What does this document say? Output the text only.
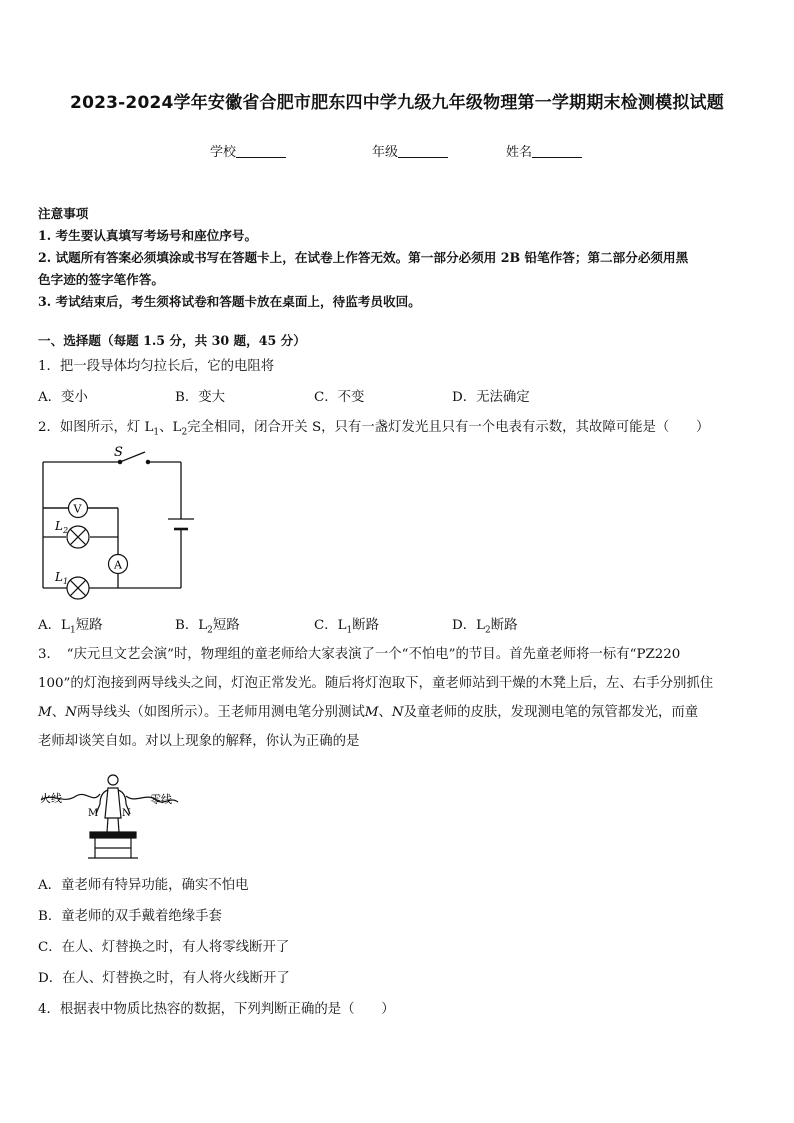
2023-2024学年安徽省合肥市肥东四中学九级九年级物理第一学期期末检测模拟试题
学校	年级	姓名
注意事项
1. 考生要认真填写考场号和座位序号。
2. 试题所有答案必须填涂或书写在答题卡上，在试卷上作答无效。第一部分必须用 2B 铅笔作答；第二部分必须用黑
色字迹的签字笔作答。
3. 考试结束后，考生须将试卷和答题卡放在桌面上，待监考员收回。
一、选择题（每题 1.5 分，共 30 题，45 分）
1．把一段导体均匀拉长后，它的电阻将
A．变小	B．变大	C．不变	D．无法确定
2．如图所示，灯 $L_1$、$L_2$完全相同，闭合开关 S，只有一盏灯发光且只有一个电表有示数，其故障可能是（　　）
S
V
A
$L_2$
$L_1$
A．$L_1$短路	B．$L_2$短路	C．$L_1$断路	D．$L_2$断路
3．　“庆元旦文艺会演”时，物理组的童老师给大家表演了一个“不怕电”的节目。首先童老师将一标有“PZ220
100”的灯泡接到两导线头之间，灯泡正常发光。随后将灯泡取下，童老师站到干燥的木凳上后，左、右手分别抓住
M、N两导线头（如图所示）。王老师用测电笔分别测试M、N及童老师的皮肤，发现测电笔的氖管都发光，而童
老师却谈笑自如。对以上现象的解释，你认为正确的是
火线	零线
M N
A．童老师有特异功能，确实不怕电
B．童老师的双手戴着绝缘手套
C．在人、灯替换之时，有人将零线断开了
D．在人、灯替换之时，有人将火线断开了
4．根据表中物质比热容的数据，下列判断正确的是（　　）
